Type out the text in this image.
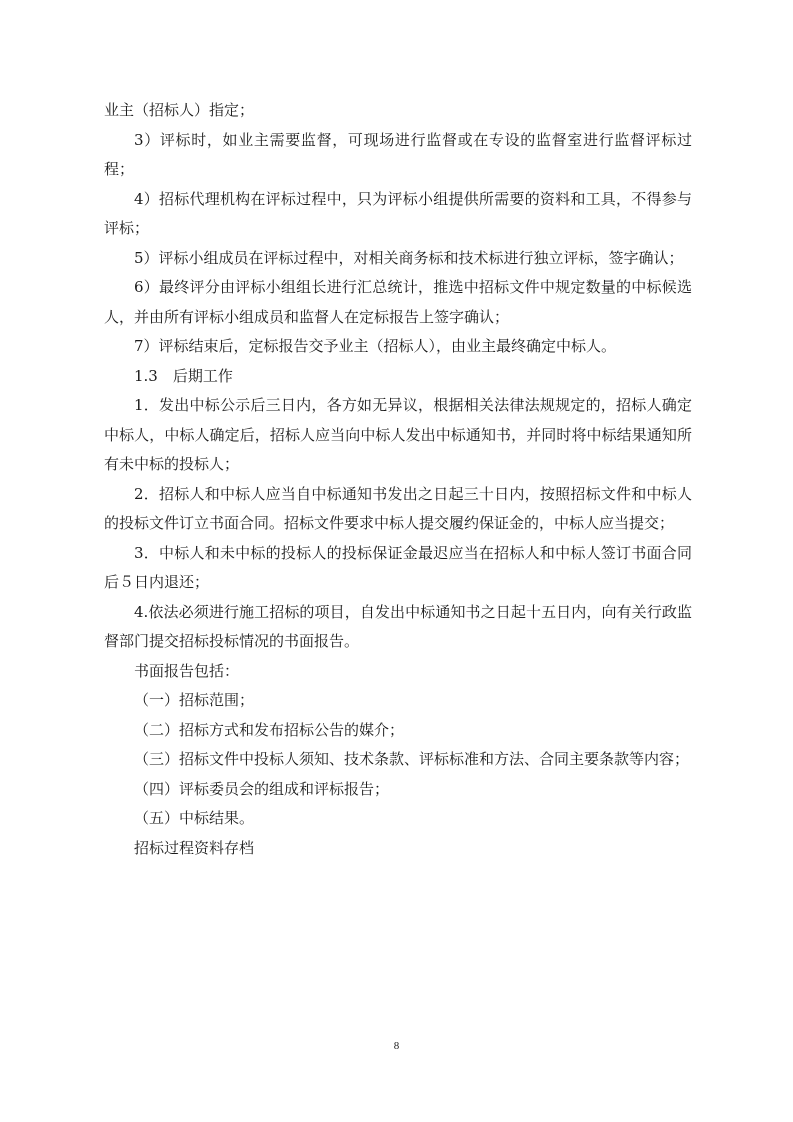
业主（招标人）指定；

3）评标时，如业主需要监督，可现场进行监督或在专设的监督室进行监督评标过程；

4）招标代理机构在评标过程中，只为评标小组提供所需要的资料和工具，不得参与评标；

5）评标小组成员在评标过程中，对相关商务标和技术标进行独立评标，签字确认；

6）最终评分由评标小组组长进行汇总统计，推选中招标文件中规定数量的中标候选人，并由所有评标小组成员和监督人在定标报告上签字确认；

7）评标结束后，定标报告交予业主（招标人），由业主最终确定中标人。

1.3　后期工作

1．发出中标公示后三日内，各方如无异议，根据相关法律法规规定的，招标人确定中标人，中标人确定后，招标人应当向中标人发出中标通知书，并同时将中标结果通知所有未中标的投标人；

2．招标人和中标人应当自中标通知书发出之日起三十日内，按照招标文件和中标人的投标文件订立书面合同。招标文件要求中标人提交履约保证金的，中标人应当提交；

3．中标人和未中标的投标人的投标保证金最迟应当在招标人和中标人签订书面合同后５日内退还；

4.依法必须进行施工招标的项目，自发出中标通知书之日起十五日内，向有关行政监督部门提交招标投标情况的书面报告。

书面报告包括：

（一）招标范围；

（二）招标方式和发布招标公告的媒介；

（三）招标文件中投标人须知、技术条款、评标标准和方法、合同主要条款等内容；

（四）评标委员会的组成和评标报告；

（五）中标结果。

招标过程资料存档

8
